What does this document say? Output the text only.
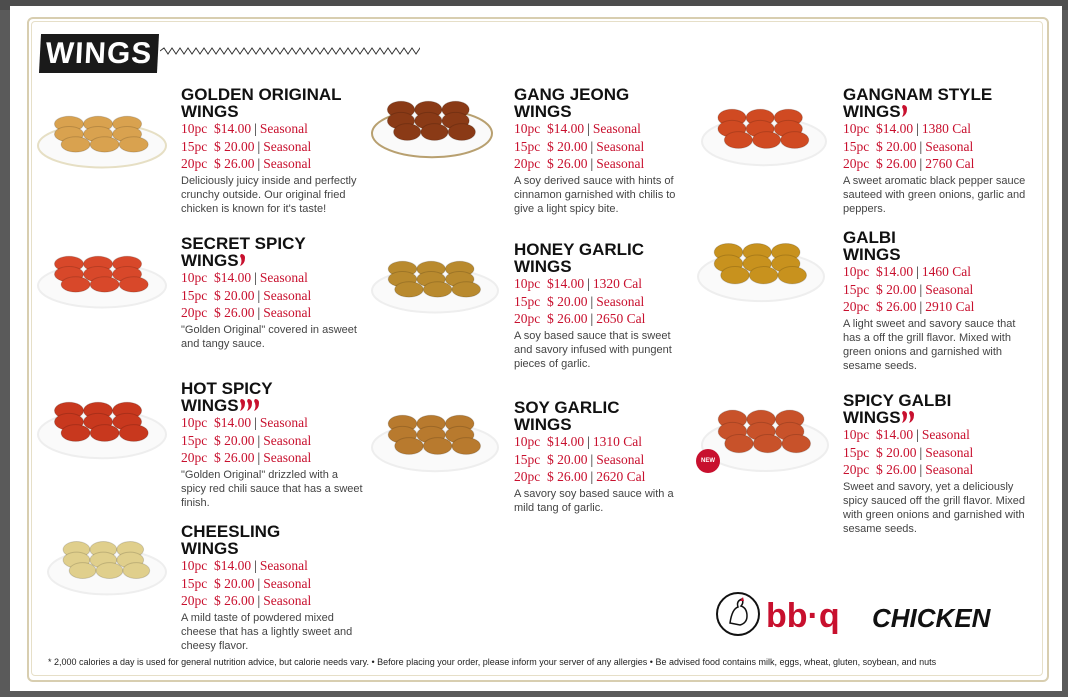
WINGS
GOLDEN ORIGINAL
WINGS
10pc $14.00 | Seasonal
15pc $ 20.00 | Seasonal
20pc $ 26.00 | Seasonal
Deliciously juicy inside and perfectly crunchy outside. Our original fried chicken is known for it's taste!
SECRET SPICY
WINGS
10pc $14.00 | Seasonal
15pc $ 20.00 | Seasonal
20pc $ 26.00 | Seasonal
"Golden Original" covered in asweet and tangy sauce.
HOT SPICY
WINGS
10pc $14.00 | Seasonal
15pc $ 20.00 | Seasonal
20pc $ 26.00 | Seasonal
"Golden Original" drizzled with a spicy red chili sauce that has a sweet finish.
CHEESLING
WINGS
10pc $14.00 | Seasonal
15pc $ 20.00 | Seasonal
20pc $ 26.00 | Seasonal
A mild taste of powdered mixed cheese that has a lightly sweet and cheesy flavor.
GANG JEONG
WINGS
10pc $14.00 | Seasonal
15pc $ 20.00 | Seasonal
20pc $ 26.00 | Seasonal
A soy derived sauce with hints of cinnamon garnished with chilis to give a light spicy bite.
HONEY GARLIC
WINGS
10pc $14.00 | 1320 Cal
15pc $ 20.00 | Seasonal
20pc $ 26.00 | 2650 Cal
A soy based sauce that is sweet and savory infused with pungent pieces of garlic.
SOY GARLIC
WINGS
10pc $14.00 | 1310 Cal
15pc $ 20.00 | Seasonal
20pc $ 26.00 | 2620 Cal
A savory soy based sauce with a mild tang of garlic.
GANGNAM STYLE
WINGS
10pc $14.00 | 1380 Cal
15pc $ 20.00 | Seasonal
20pc $ 26.00 | 2760 Cal
A sweet aromatic black pepper sauce sauteed with green onions, garlic and peppers.
GALBI
WINGS
10pc $14.00 | 1460 Cal
15pc $ 20.00 | Seasonal
20pc $ 26.00 | 2910 Cal
A light sweet and savory sauce that has a off the grill flavor. Mixed with green onions and garnished with sesame seeds.
SPICY GALBI
WINGS
10pc $14.00 | Seasonal
15pc $ 20.00 | Seasonal
20pc $ 26.00 | Seasonal
Sweet and savory, yet a deliciously spicy sauced off the grill flavor. Mixed with green onions and garnished with sesame seeds.
NEW
bb·q CHICKEN
* 2,000 calories a day is used for general nutrition advice, but calorie needs vary. • Before placing your order, please inform your server of any allergies • Be advised food contains milk, eggs, wheat, gluten, soybean, and nuts
